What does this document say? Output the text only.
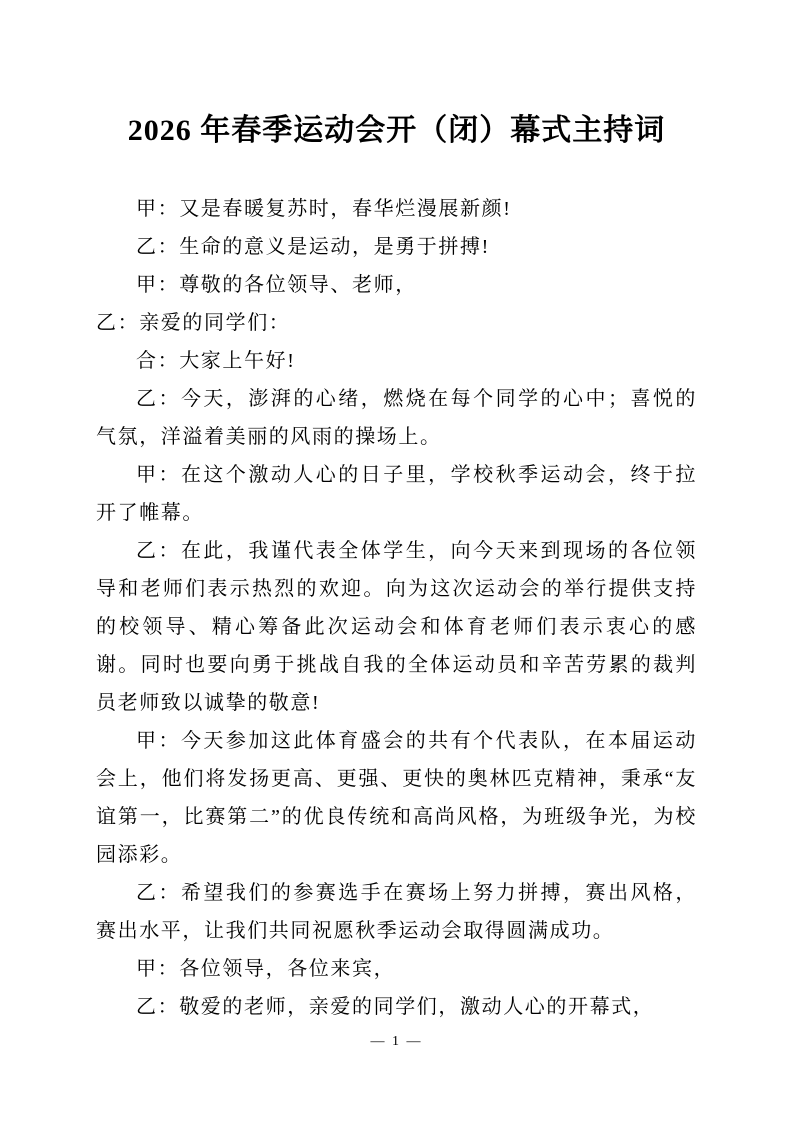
2026 年春季运动会开（闭）幕式主持词

甲：又是春暖复苏时，春华烂漫展新颜!

乙：生命的意义是运动，是勇于拼搏!

甲：尊敬的各位领导、老师，

乙：亲爱的同学们：

合：大家上午好!

乙：今天，澎湃的心绪，燃烧在每个同学的心中；喜悦的气氛，洋溢着美丽的风雨的操场上。

甲：在这个激动人心的日子里，学校秋季运动会，终于拉开了帷幕。

乙：在此，我谨代表全体学生，向今天来到现场的各位领导和老师们表示热烈的欢迎。向为这次运动会的举行提供支持的校领导、精心筹备此次运动会和体育老师们表示衷心的感谢。同时也要向勇于挑战自我的全体运动员和辛苦劳累的裁判员老师致以诚挚的敬意!

甲：今天参加这此体育盛会的共有个代表队，在本届运动会上，他们将发扬更高、更强、更快的奥林匹克精神，秉承“友谊第一，比赛第二”的优良传统和高尚风格，为班级争光，为校园添彩。

乙：希望我们的参赛选手在赛场上努力拼搏，赛出风格，赛出水平，让我们共同祝愿秋季运动会取得圆满成功。

甲：各位领导，各位来宾，

乙：敬爱的老师，亲爱的同学们，激动人心的开幕式，

— 1 —
